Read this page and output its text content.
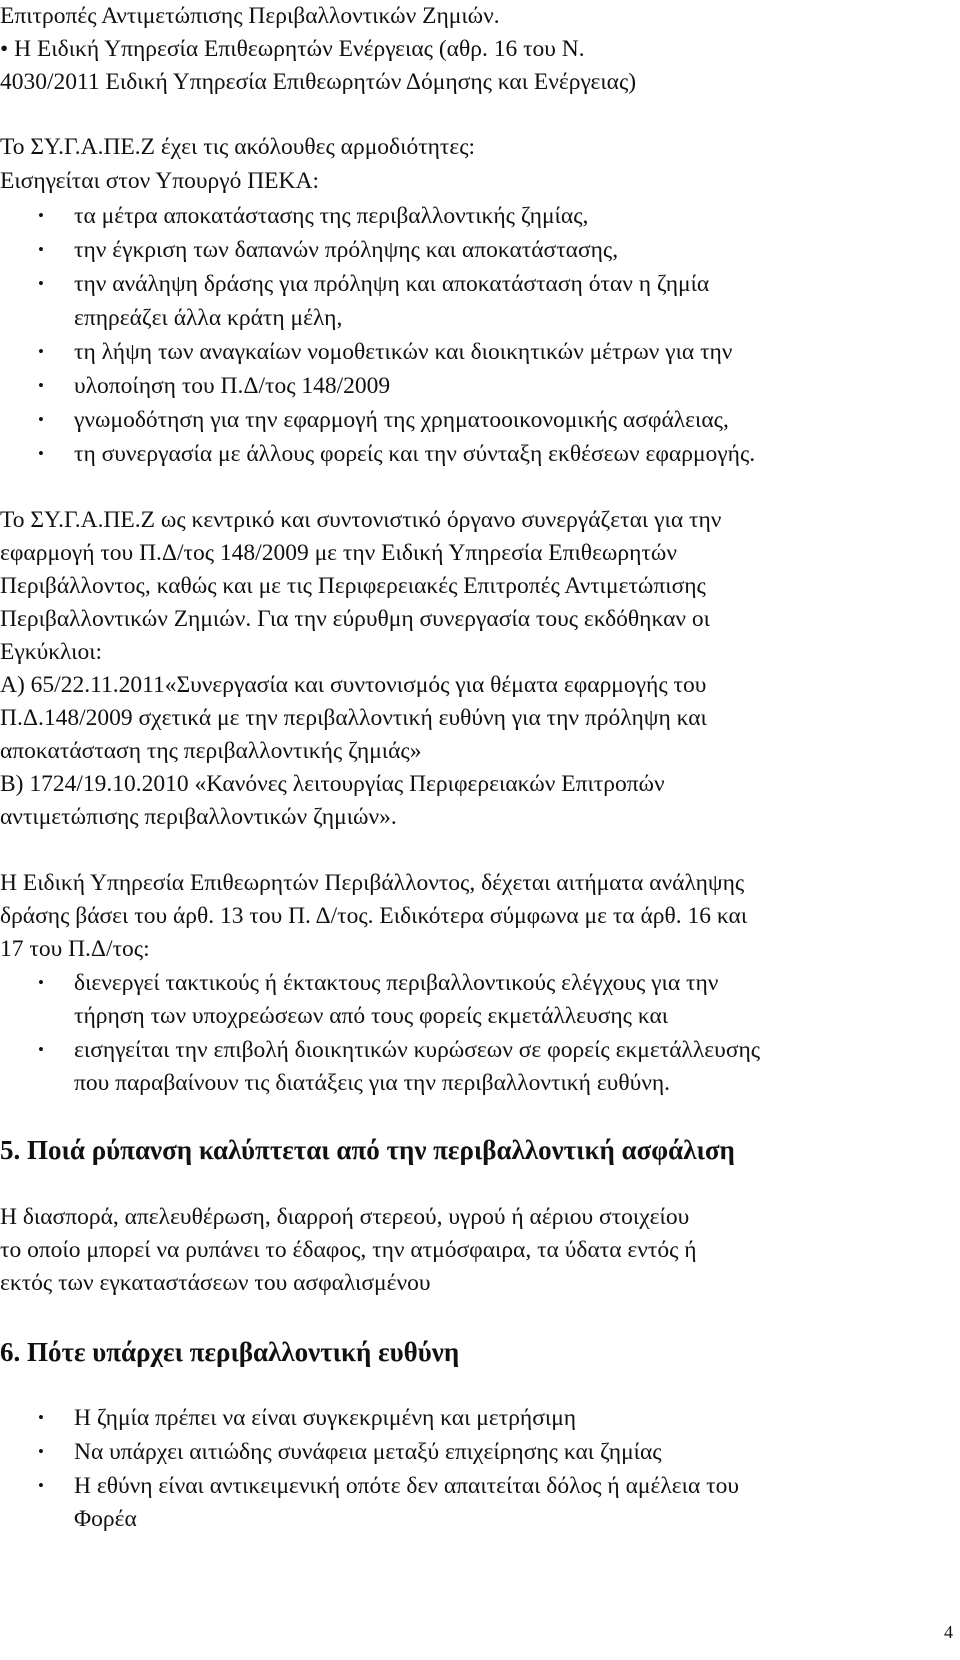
Επιτροπές Αντιμετώπισης Περιβαλλοντικών Ζημιών.
• Η Ειδική Υπηρεσία Επιθεωρητών Ενέργειας (αθρ. 16 του Ν.
4030/2011 Ειδική Υπηρεσία Επιθεωρητών Δόμησης και Ενέργειας)
Το ΣΥ.Γ.Α.ΠΕ.Ζ έχει τις ακόλουθες αρμοδιότητες:
Εισηγείται στον Υπουργό ΠΕΚΑ:
• τα μέτρα αποκατάστασης της περιβαλλοντικής ζημίας,
• την έγκριση των δαπανών πρόληψης και αποκατάστασης,
• την ανάληψη δράσης για πρόληψη και αποκατάσταση όταν η ζημία
επηρεάζει άλλα κράτη μέλη,
• τη λήψη των αναγκαίων νομοθετικών και διοικητικών μέτρων για την
• υλοποίηση του Π.Δ/τος 148/2009
• γνωμοδότηση για την εφαρμογή της χρηματοοικονομικής ασφάλειας,
• τη συνεργασία με άλλους φορείς και την σύνταξη εκθέσεων εφαρμογής.
Το ΣΥ.Γ.Α.ΠΕ.Ζ ως κεντρικό και συντονιστικό όργανο συνεργάζεται για την
εφαρμογή του Π.Δ/τος 148/2009 με την Ειδική Υπηρεσία Επιθεωρητών
Περιβάλλοντος, καθώς και με τις Περιφερειακές Επιτροπές Αντιμετώπισης
Περιβαλλοντικών Ζημιών. Για την εύρυθμη συνεργασία τους εκδόθηκαν οι
Εγκύκλιοι:
Α) 65/22.11.2011«Συνεργασία και συντονισμός για θέματα εφαρμογής του
Π.Δ.148/2009 σχετικά με την περιβαλλοντική ευθύνη για την πρόληψη και
αποκατάσταση της περιβαλλοντικής ζημιάς»
Β) 1724/19.10.2010 «Κανόνες λειτουργίας Περιφερειακών Επιτροπών
αντιμετώπισης περιβαλλοντικών ζημιών».
Η Ειδική Υπηρεσία Επιθεωρητών Περιβάλλοντος, δέχεται αιτήματα ανάληψης
δράσης βάσει του άρθ. 13 του Π. Δ/τος. Ειδικότερα σύμφωνα με τα άρθ. 16 και
17 του Π.Δ/τος:
• διενεργεί τακτικούς ή έκτακτους περιβαλλοντικούς ελέγχους για την
τήρηση των υποχρεώσεων από τους φορείς εκμετάλλευσης και
• εισηγείται την επιβολή διοικητικών κυρώσεων σε φορείς εκμετάλλευσης
που παραβαίνουν τις διατάξεις για την περιβαλλοντική ευθύνη.
5. Ποιά ρύπανση καλύπτεται από την περιβαλλοντική ασφάλιση
Η διασπορά, απελευθέρωση, διαρροή στερεού, υγρού ή αέριου στοιχείου
το οποίο μπορεί να ρυπάνει το έδαφος, την ατμόσφαιρα, τα ύδατα εντός ή
εκτός των εγκαταστάσεων του ασφαλισμένου
6. Πότε υπάρχει περιβαλλοντική ευθύνη
• Η ζημία πρέπει να είναι συγκεκριμένη και μετρήσιμη
• Να υπάρχει αιτιώδης συνάφεια μεταξύ επιχείρησης και ζημίας
• Η εθύνη είναι αντικειμενική οπότε δεν απαιτείται δόλος ή αμέλεια του
Φορέα
4
